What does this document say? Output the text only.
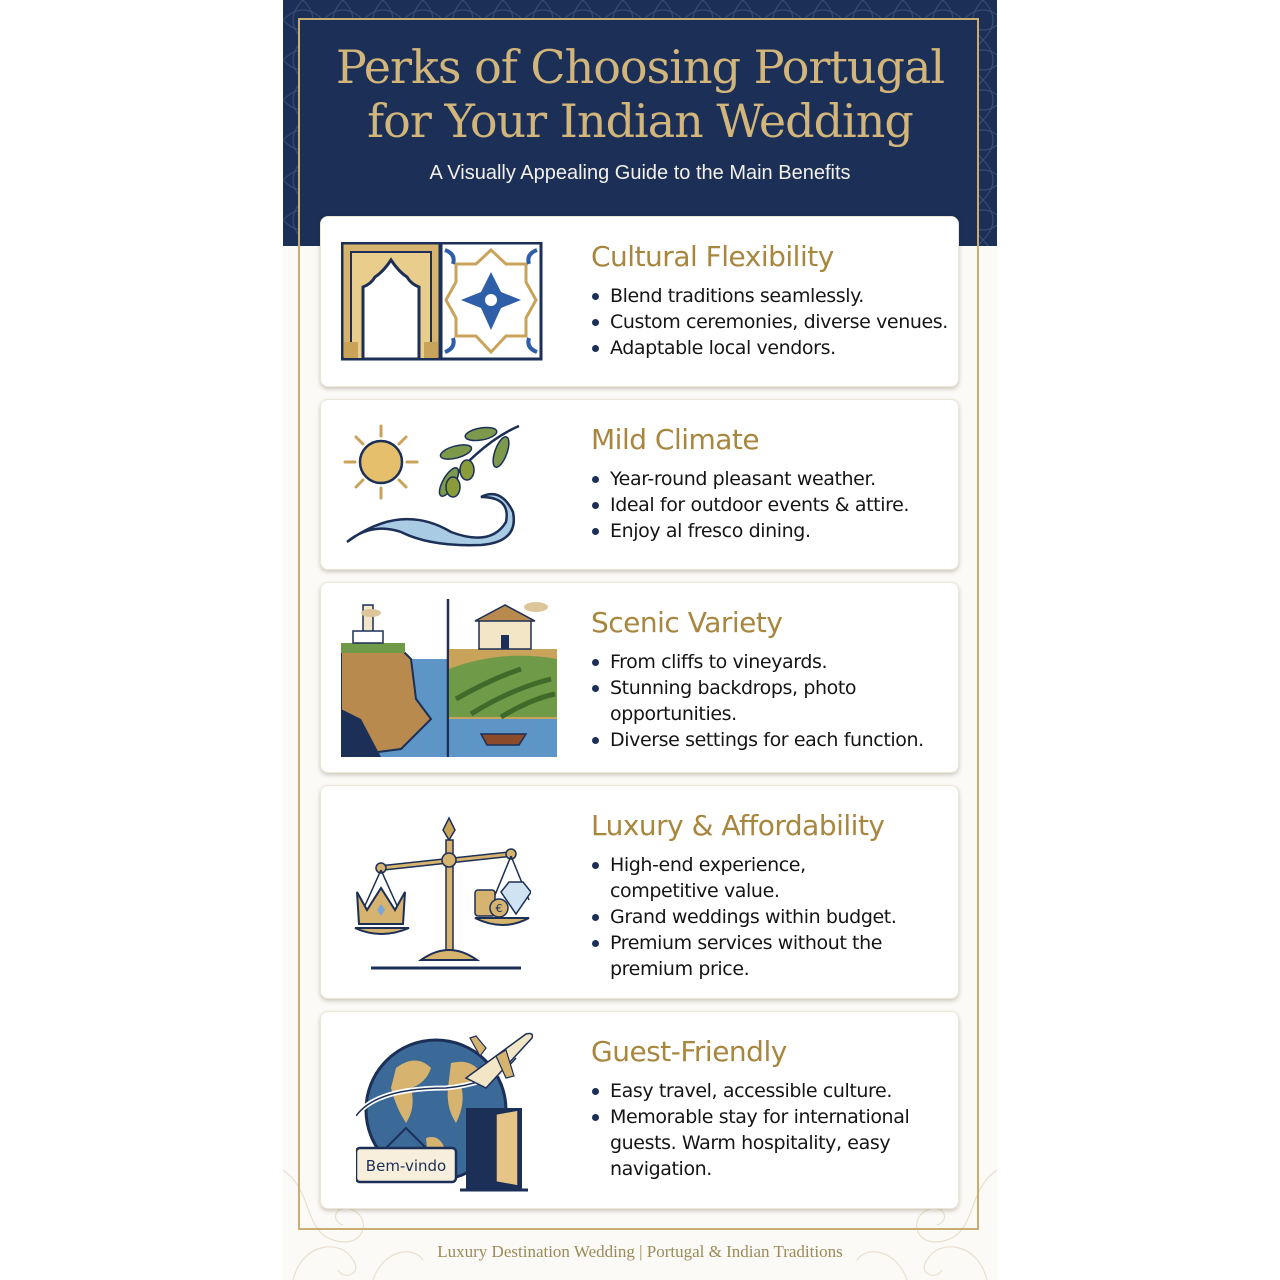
Perks of Choosing Portugal
for Your Indian Wedding
A Visually Appealing Guide to the Main Benefits
Cultural Flexibility
Blend traditions seamlessly.
Custom ceremonies, diverse venues.
Adaptable local vendors.
Mild Climate
Year-round pleasant weather.
Ideal for outdoor events & attire.
Enjoy al fresco dining.
Scenic Variety
From cliffs to vineyards.
Stunning backdrops, photo opportunities.
Diverse settings for each function.
€
Luxury & Affordability
High-end experience, competitive value.
Grand weddings within budget.
Premium services without the premium price.
Bem-vindo
Guest-Friendly
Easy travel, accessible culture.
Memorable stay for international guests. Warm hospitality, easy navigation.
Luxury Destination Wedding | Portugal & Indian Traditions
